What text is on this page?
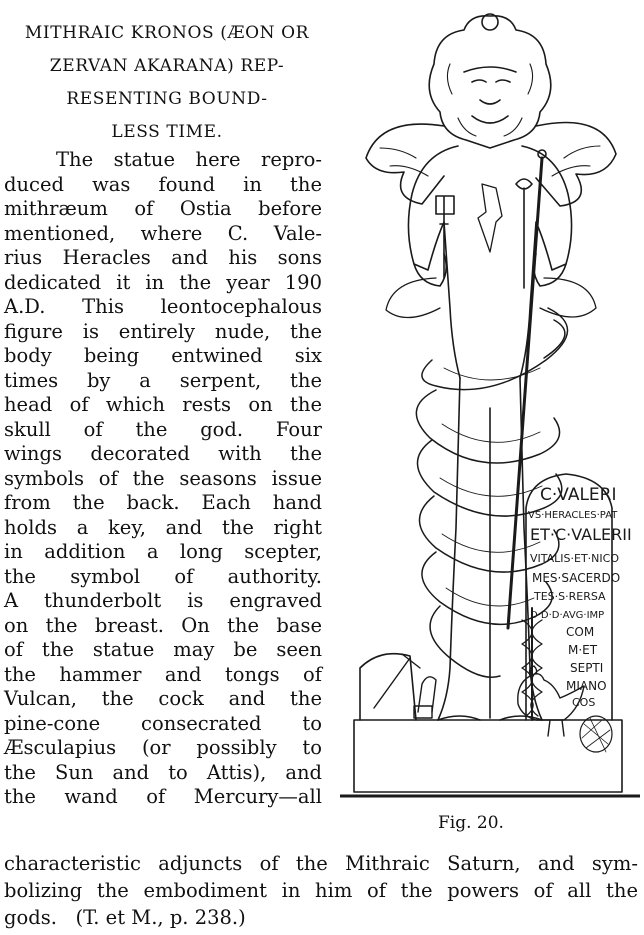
MITHRAIC KRONOS (ÆON OR
ZERVAN AKARANA) REP-
RESENTING BOUND-
LESS TIME.
The statue here repro-
duced was found in the
mithræum of Ostia before
mentioned, where C. Vale-
rius Heracles and his sons
dedicated it in the year 190
A.D. This leontocephalous
figure is entirely nude, the
body being entwined six
times by a serpent, the
head of which rests on the
skull of the god. Four
wings decorated with the
symbols of the seasons issue
from the back. Each hand
holds a key, and the right
in addition a long scepter,
the symbol of authority.
A thunderbolt is engraved
on the breast. On the base
of the statue may be seen
the hammer and tongs of
Vulcan, the cock and the
pine-cone consecrated to
Æsculapius (or possibly to
the Sun and to Attis), and
the wand of Mercury—all
characteristic adjuncts of the Mithraic Saturn, and sym-
bolizing the embodiment in him of the powers of all the
gods. (T. et M., p. 238.)
C·VALERI
VS·HERACLES·PAT
ET·C·VALERII
VITALIS·ET·NICO
MES·SACERDO
TES·S·RERSA
D·D·D·AVG·IMP
COM
M·ET
SEPTI
MIANO
COS
Fig. 20.
